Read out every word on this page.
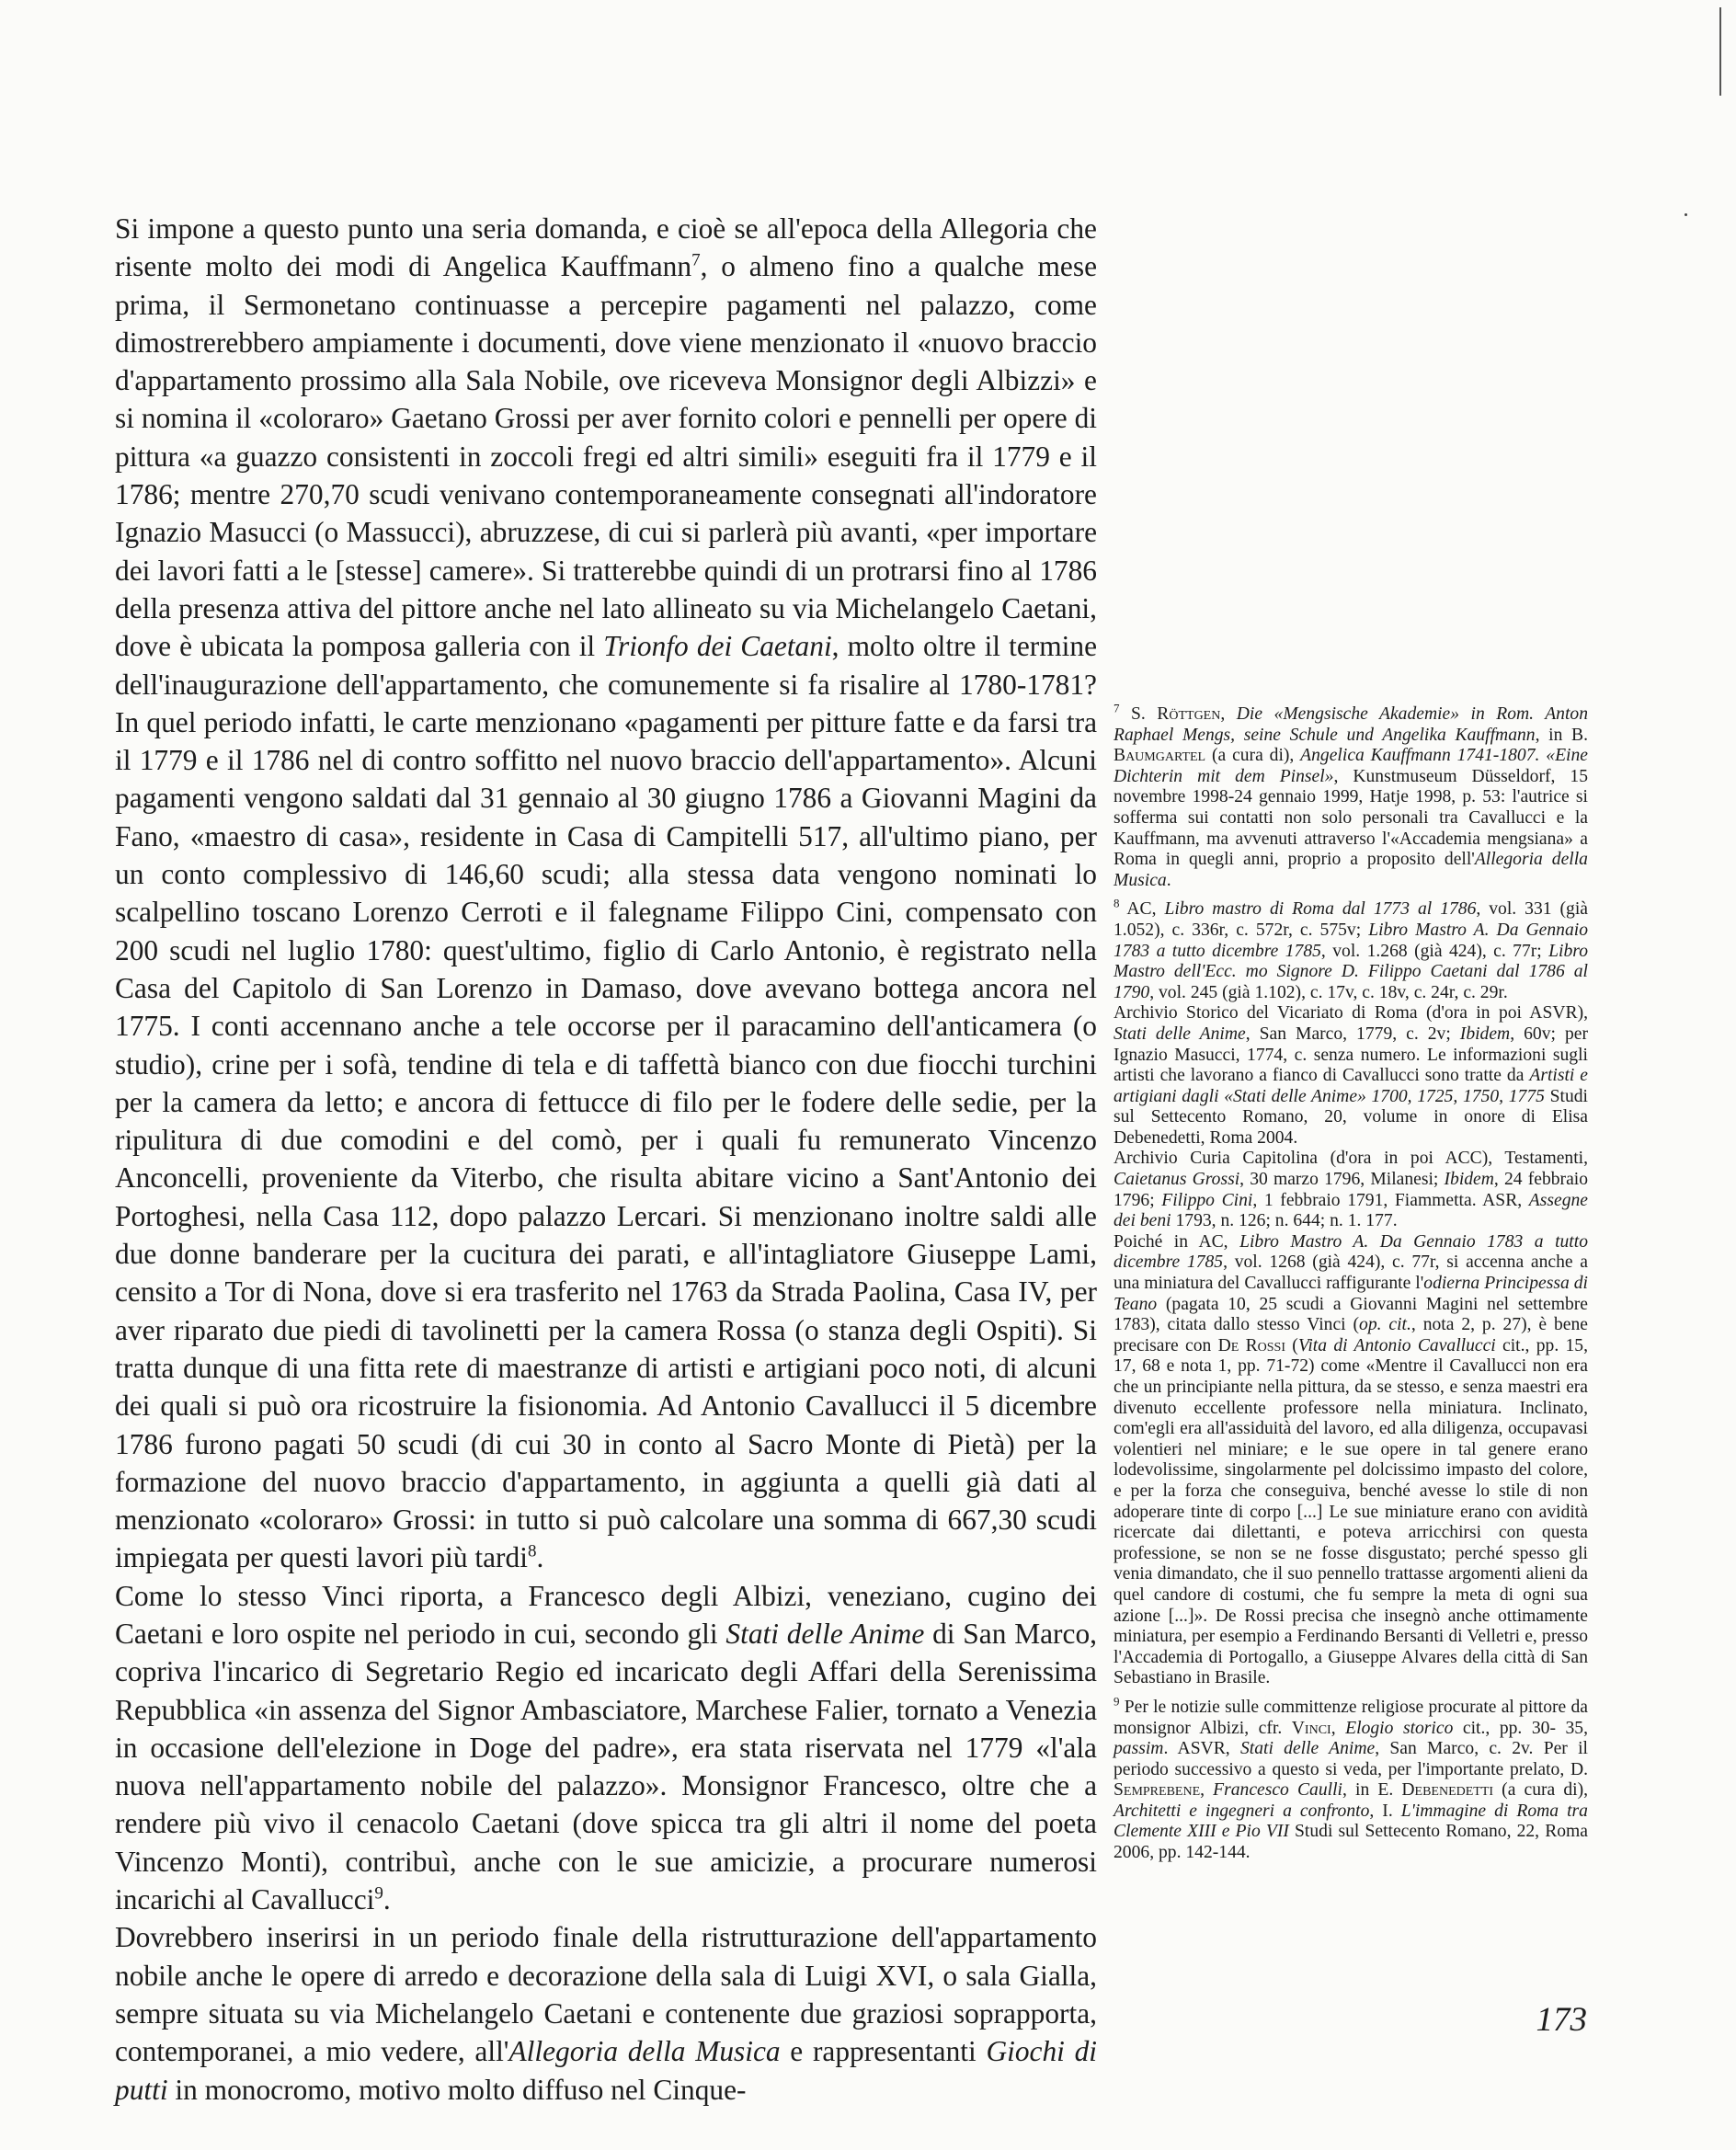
Si impone a questo punto una seria domanda, e cioè se all'epoca della Allegoria che risente molto dei modi di Angelica Kauffmann$^7$, o almeno fino a qualche mese prima, il Sermonetano continuasse a percepire pagamenti nel palazzo, come dimostrerebbero ampiamente i documenti, dove viene menzionato il «nuovo braccio d'appartamento prossimo alla Sala Nobile, ove riceveva Monsignor degli Albizzi» e si nomina il «coloraro» Gaetano Grossi per aver fornito colori e pennelli per opere di pittura «a guazzo consistenti in zoccoli fregi ed altri simili» eseguiti fra il 1779 e il 1786; mentre 270,70 scudi venivano contemporaneamente consegnati all'indoratore Ignazio Masucci (o Massucci), abruzzese, di cui si parlerà più avanti, «per importare dei lavori fatti a le [stesse] camere». Si tratterebbe quindi di un protrarsi fino al 1786 della presenza attiva del pittore anche nel lato allineato su via Michelangelo Caetani, dove è ubicata la pomposa galleria con il Trionfo dei Caetani, molto oltre il termine dell'inaugurazione dell'appartamento, che comunemente si fa risalire al 1780-1781? In quel periodo infatti, le carte menzionano «pagamenti per pitture fatte e da farsi tra il 1779 e il 1786 nel di contro soffitto nel nuovo braccio dell'appartamento». Alcuni pagamenti vengono saldati dal 31 gennaio al 30 giugno 1786 a Giovanni Magini da Fano, «maestro di casa», residente in Casa di Campitelli 517, all'ultimo piano, per un conto complessivo di 146,60 scudi; alla stessa data vengono nominati lo scalpellino toscano Lorenzo Cerroti e il falegname Filippo Cini, compensato con 200 scudi nel luglio 1780: quest'ultimo, figlio di Carlo Antonio, è registrato nella Casa del Capitolo di San Lorenzo in Damaso, dove avevano bottega ancora nel 1775. I conti accennano anche a tele occorse per il paracamino dell'anticamera (o studio), crine per i sofà, tendine di tela e di taffettà bianco con due fiocchi turchini per la camera da letto; e ancora di fettucce di filo per le fodere delle sedie, per la ripulitura di due comodini e del comò, per i quali fu remunerato Vincenzo Anconcelli, proveniente da Viterbo, che risulta abitare vicino a Sant'Antonio dei Portoghesi, nella Casa 112, dopo palazzo Lercari. Si menzionano inoltre saldi alle due donne banderare per la cucitura dei parati, e all'intagliatore Giuseppe Lami, censito a Tor di Nona, dove si era trasferito nel 1763 da Strada Paolina, Casa IV, per aver riparato due piedi di tavolinetti per la camera Rossa (o stanza degli Ospiti). Si tratta dunque di una fitta rete di maestranze di artisti e artigiani poco noti, di alcuni dei quali si può ora ricostruire la fisionomia. Ad Antonio Cavallucci il 5 dicembre 1786 furono pagati 50 scudi (di cui 30 in conto al Sacro Monte di Pietà) per la formazione del nuovo braccio d'appartamento, in aggiunta a quelli già dati al menzionato «coloraro» Grossi: in tutto si può calcolare una somma di 667,30 scudi impiegata per questi lavori più tardi$^8$.

Come lo stesso Vinci riporta, a Francesco degli Albizi, veneziano, cugino dei Caetani e loro ospite nel periodo in cui, secondo gli Stati delle Anime di San Marco, copriva l'incarico di Segretario Regio ed incaricato degli Affari della Serenissima Repubblica «in assenza del Signor Ambasciatore, Marchese Falier, tornato a Venezia in occasione dell'elezione in Doge del padre», era stata riservata nel 1779 «l'ala nuova nell'appartamento nobile del palazzo». Monsignor Francesco, oltre che a rendere più vivo il cenacolo Caetani (dove spicca tra gli altri il nome del poeta Vincenzo Monti), contribuì, anche con le sue amicizie, a procurare numerosi incarichi al Cavallucci$^9$.

Dovrebbero inserirsi in un periodo finale della ristrutturazione dell'appartamento nobile anche le opere di arredo e decorazione della sala di Luigi XVI, o sala Gialla, sempre situata su via Michelangelo Caetani e contenente due graziosi soprapporta, contemporanei, a mio vedere, all'Allegoria della Musica e rappresentanti Giochi di putti in monocromo, motivo molto diffuso nel Cinque-

$^7$ S. Röttgen, Die «Mengsische Akademie» in Rom. Anton Raphael Mengs, seine Schule und Angelika Kauffmann, in B. Baumgartel (a cura di), Angelica Kauffmann 1741-1807. «Eine Dichterin mit dem Pinsel», Kunstmuseum Düsseldorf, 15 novembre 1998-24 gennaio 1999, Hatje 1998, p. 53: l'autrice si sofferma sui contatti non solo personali tra Cavallucci e la Kauffmann, ma avvenuti attraverso l'«Accademia mengsiana» a Roma in quegli anni, proprio a proposito dell'Allegoria della Musica.

$^8$ AC, Libro mastro di Roma dal 1773 al 1786, vol. 331 (già 1.052), c. 336r, c. 572r, c. 575v; Libro Mastro A. Da Gennaio 1783 a tutto dicembre 1785, vol. 1.268 (già 424), c. 77r; Libro Mastro dell'Ecc. mo Signore D. Filippo Caetani dal 1786 al 1790, vol. 245 (già 1.102), c. 17v, c. 18v, c. 24r, c. 29r.
Archivio Storico del Vicariato di Roma (d'ora in poi ASVR), Stati delle Anime, San Marco, 1779, c. 2v; Ibidem, 60v; per Ignazio Masucci, 1774, c. senza numero. Le informazioni sugli artisti che lavorano a fianco di Cavallucci sono tratte da Artisti e artigiani dagli «Stati delle Anime» 1700, 1725, 1750, 1775 Studi sul Settecento Romano, 20, volume in onore di Elisa Debenedetti, Roma 2004.
Archivio Curia Capitolina (d'ora in poi ACC), Testamenti, Caietanus Grossi, 30 marzo 1796, Milanesi; Ibidem, 24 febbraio 1796; Filippo Cini, 1 febbraio 1791, Fiammetta. ASR, Assegne dei beni 1793, n. 126; n. 644; n. 1. 177.
Poiché in AC, Libro Mastro A. Da Gennaio 1783 a tutto dicembre 1785, vol. 1268 (già 424), c. 77r, si accenna anche a una miniatura del Cavallucci raffigurante l'odierna Principessa di Teano (pagata 10, 25 scudi a Giovanni Magini nel settembre 1783), citata dallo stesso Vinci (op. cit., nota 2, p. 27), è bene precisare con De Rossi (Vita di Antonio Cavallucci cit., pp. 15, 17, 68 e nota 1, pp. 71-72) come «Mentre il Cavallucci non era che un principiante nella pittura, da se stesso, e senza maestri era divenuto eccellente professore nella miniatura. Inclinato, com'egli era all'assiduità del lavoro, ed alla diligenza, occupavasi volentieri nel miniare; e le sue opere in tal genere erano lodevolissime, singolarmente pel dolcissimo impasto del colore, e per la forza che conseguiva, benché avesse lo stile di non adoperare tinte di corpo [...] Le sue miniature erano con avidità ricercate dai dilettanti, e poteva arricchirsi con questa professione, se non se ne fosse disgustato; perché spesso gli venia dimandato, che il suo pennello trattasse argomenti alieni da quel candore di costumi, che fu sempre la meta di ogni sua azione [...]». De Rossi precisa che insegnò anche ottimamente miniatura, per esempio a Ferdinando Bersanti di Velletri e, presso l'Accademia di Portogallo, a Giuseppe Alvares della città di San Sebastiano in Brasile.

$^9$ Per le notizie sulle committenze religiose procurate al pittore da monsignor Albizi, cfr. Vinci, Elogio storico cit., pp. 30- 35, passim. ASVR, Stati delle Anime, San Marco, c. 2v. Per il periodo successivo a questo si veda, per l'importante prelato, D. Semprebene, Francesco Caulli, in E. Debenedetti (a cura di), Architetti e ingegneri a confronto, I. L'immagine di Roma tra Clemente XIII e Pio VII Studi sul Settecento Romano, 22, Roma 2006, pp. 142-144.

173
